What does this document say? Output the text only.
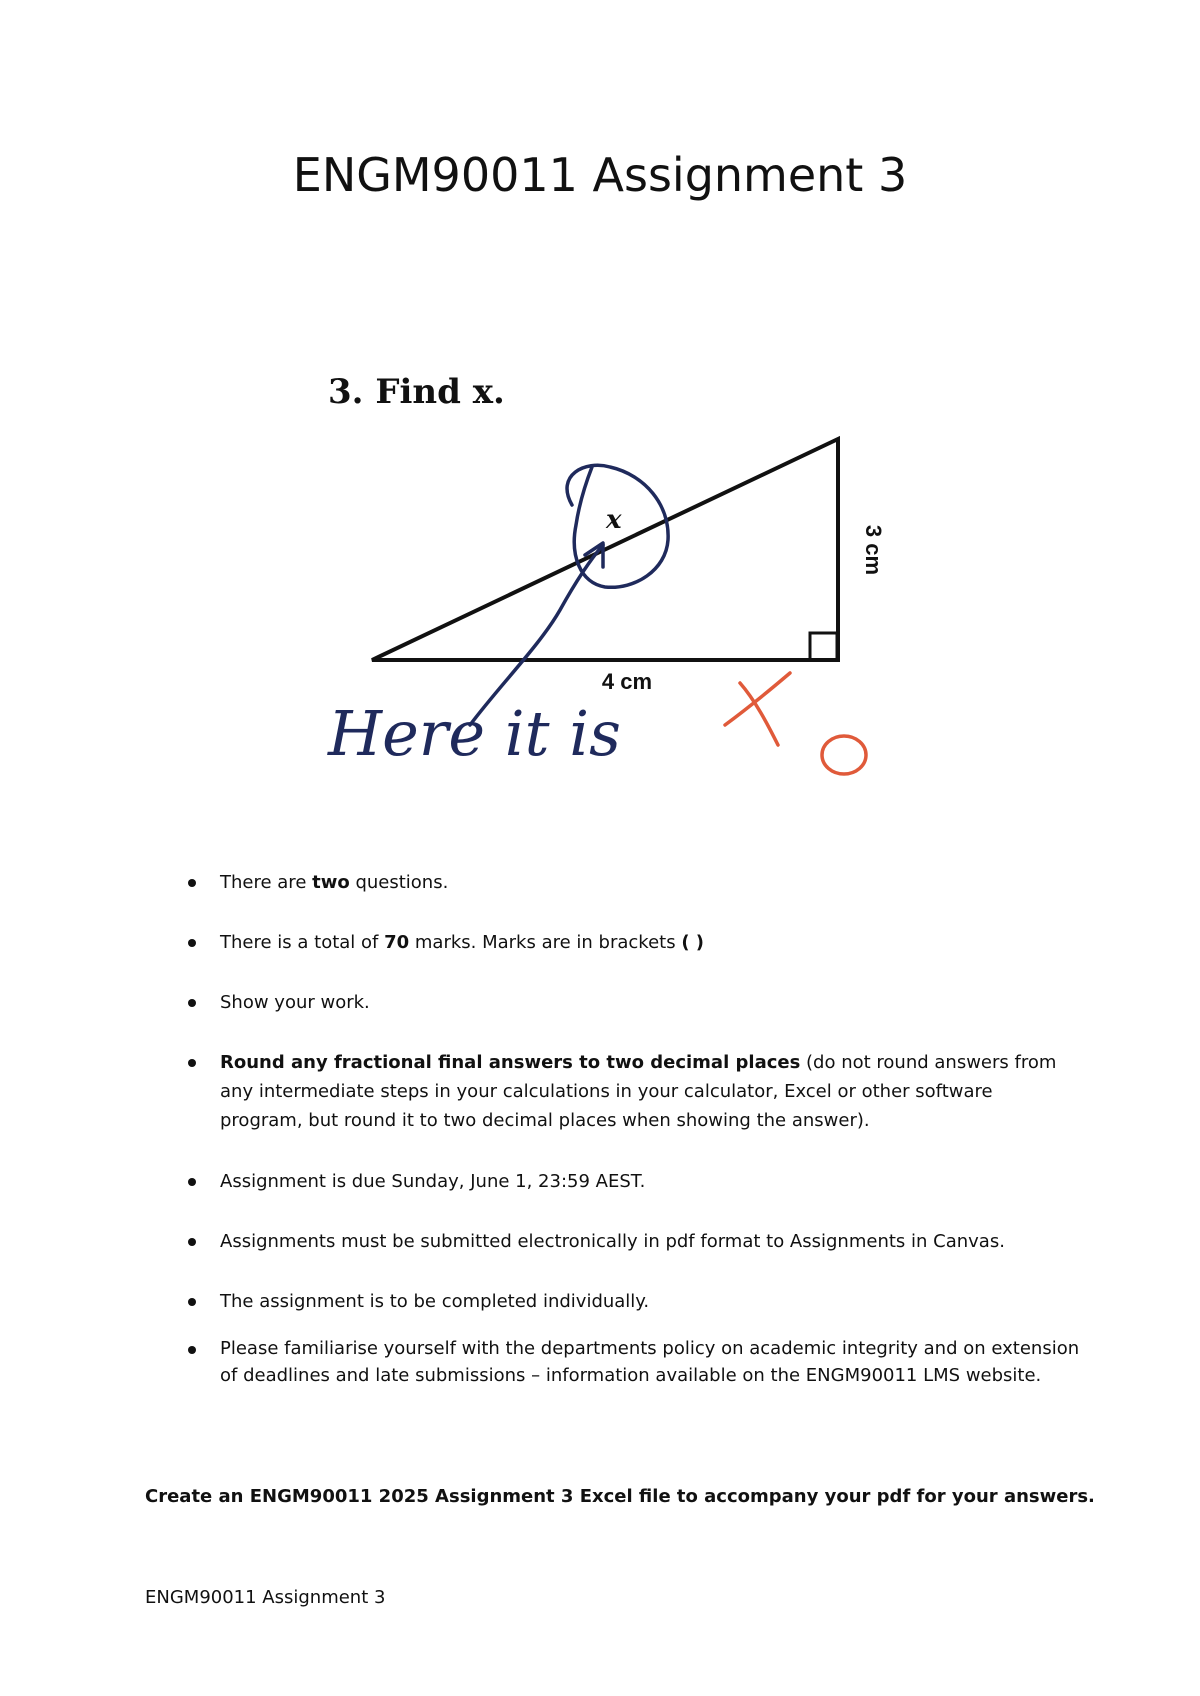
ENGM90011 Assignment 3
3. Find x.
x
3 cm
4 cm
Here it is
There are two questions.
There is a total of 70 marks. Marks are in brackets ( )
Show your work.
Round any fractional final answers to two decimal places (do not round answers from any intermediate steps in your calculations in your calculator, Excel or other software program, but round it to two decimal places when showing the answer).
Assignment is due Sunday, June 1, 23:59 AEST.
Assignments must be submitted electronically in pdf format to Assignments in Canvas.
The assignment is to be completed individually.
Please familiarise yourself with the departments policy on academic integrity and on extension of deadlines and late submissions – information available on the ENGM90011 LMS website.
Create an ENGM90011 2025 Assignment 3 Excel file to accompany your pdf for your answers.
ENGM90011 Assignment 3
